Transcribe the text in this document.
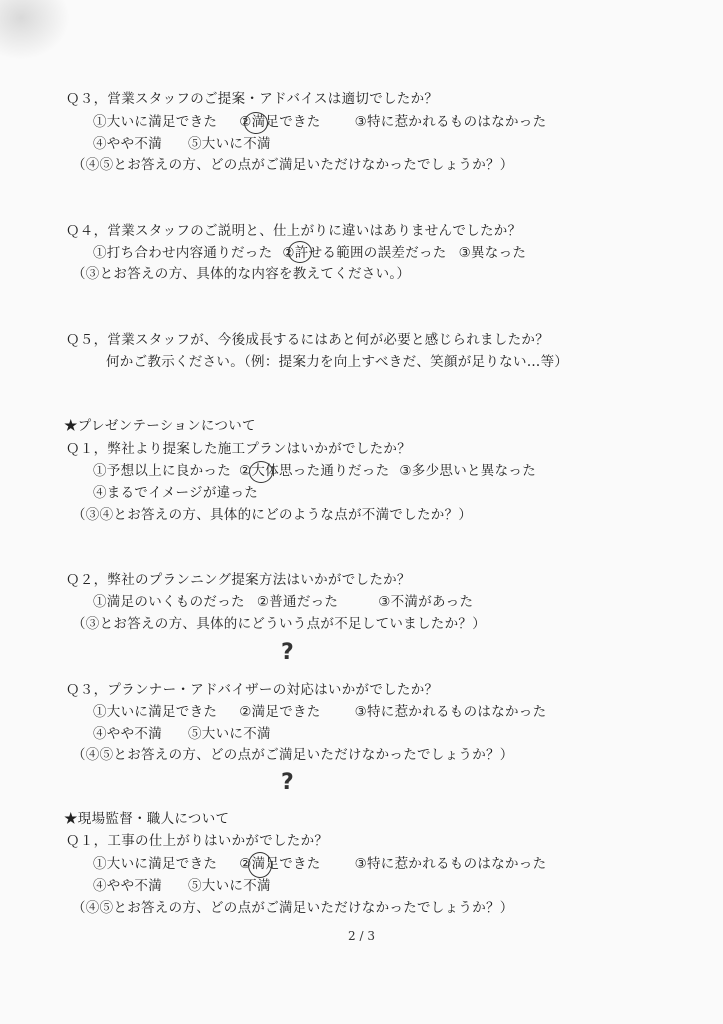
Ｑ３，営業スタッフのご提案・アドバイスは適切でしたか？
①大いに満足できた ②満足できた	③特に惹かれるものはなかった
④やや不満 ⑤大いに不満
（④⑤とお答えの方、どの点がご満足いただけなかったでしょうか？）
Ｑ４，営業スタッフのご説明と、仕上がりに違いはありませんでしたか？
①打ち合わせ内容通りだった ②許せる範囲の誤差だった ③異なった
（③とお答えの方、具体的な内容を教えてください。）
Ｑ５，営業スタッフが、今後成長するにはあと何が必要と感じられましたか？
何かご教示ください。（例：提案力を向上すべきだ、笑顔が足りない…等）
★プレゼンテーションについて
Ｑ１，弊社より提案した施工プランはいかがでしたか？
①予想以上に良かった ②大体思った通りだった ③多少思いと異なった
④まるでイメージが違った
（③④とお答えの方、具体的にどのような点が不満でしたか？）
Ｑ２，弊社のプランニング提案方法はいかがでしたか？
①満足のいくものだった ②普通だった	③不満があった
（③とお答えの方、具体的にどういう点が不足していましたか？）
?
Ｑ３，プランナー・アドバイザーの対応はいかがでしたか？
①大いに満足できた ②満足できた	③特に惹かれるものはなかった
④やや不満 ⑤大いに不満
（④⑤とお答えの方、どの点がご満足いただけなかったでしょうか？）
?
★現場監督・職人について
Ｑ１，工事の仕上がりはいかがでしたか？
①大いに満足できた ②満足できた	③特に惹かれるものはなかった
④やや不満 ⑤大いに不満
（④⑤とお答えの方、どの点がご満足いただけなかったでしょうか？）
2 / 3
